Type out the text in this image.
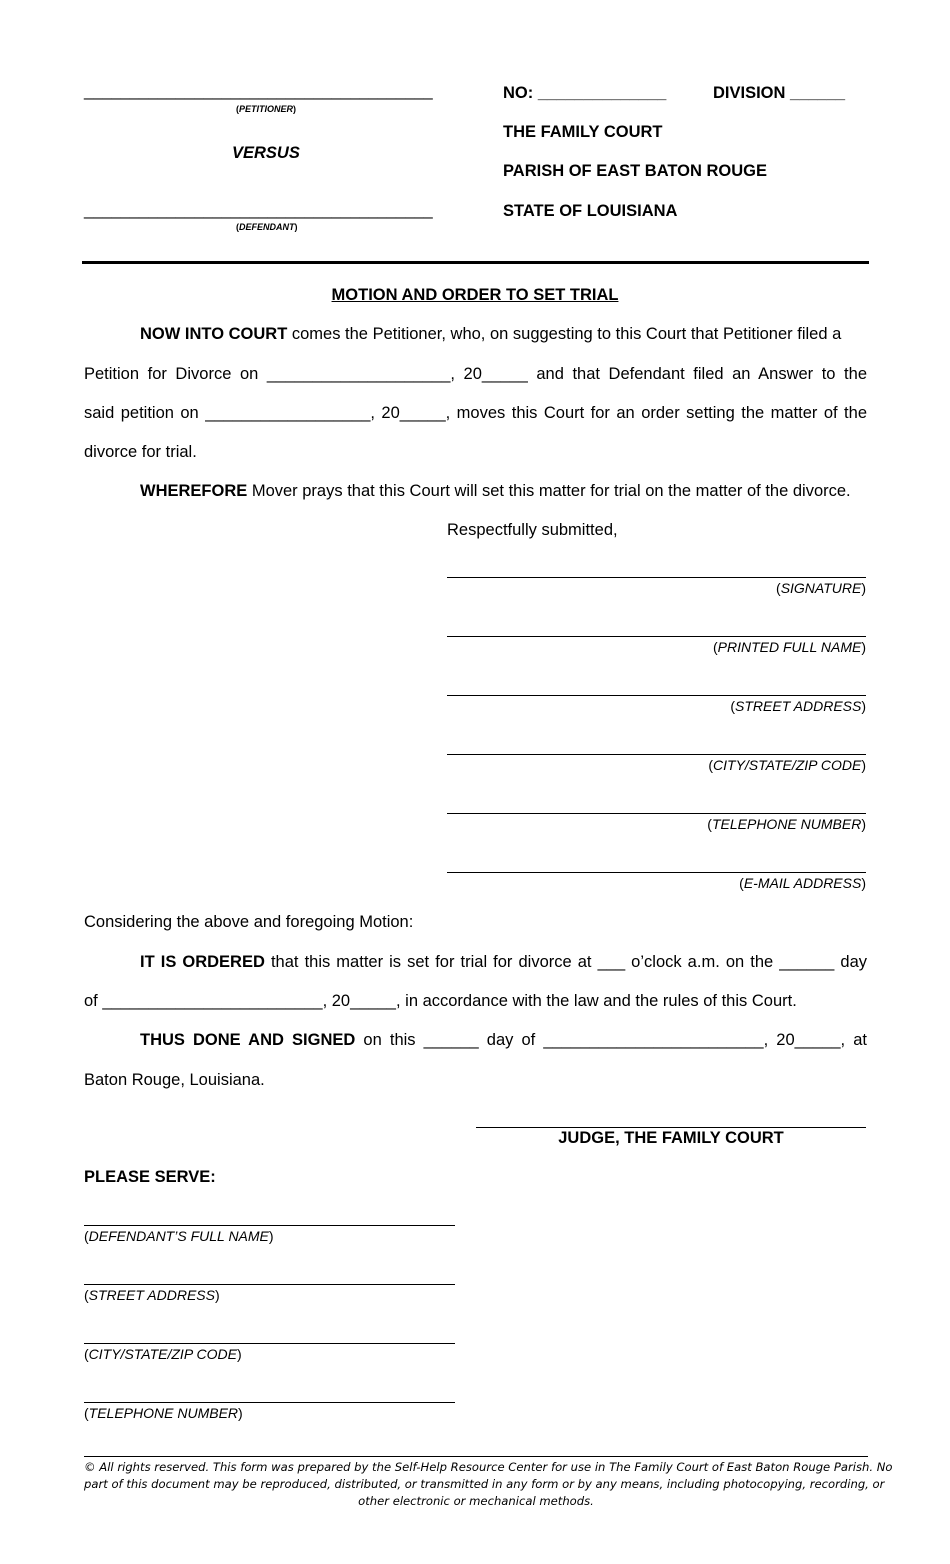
______________________________________
(PETITIONER)
VERSUS
______________________________________
(DEFENDANT)
NO: ______________	DIVISION ______
THE FAMILY COURT
PARISH OF EAST BATON ROUGE
STATE OF LOUISIANA
MOTION AND ORDER TO SET TRIAL
NOW INTO COURT comes the Petitioner, who, on suggesting to this Court that Petitioner filed a
Petition for Divorce on ____________________, 20_____ and that Defendant filed an Answer to the
said petition on __________________, 20_____, moves this Court for an order setting the matter of the
divorce for trial.
WHEREFORE Mover prays that this Court will set this matter for trial on the matter of the divorce.
Respectfully submitted,
(SIGNATURE)
(PRINTED FULL NAME)
(STREET ADDRESS)
(CITY/STATE/ZIP CODE)
(TELEPHONE NUMBER)
(E-MAIL ADDRESS)
Considering the above and foregoing Motion:
IT IS ORDERED that this matter is set for trial for divorce at ___ o’clock a.m. on the ______ day
of ________________________, 20_____, in accordance with the law and the rules of this Court.
THUS DONE AND SIGNED on this ______ day of ________________________, 20_____, at
Baton Rouge, Louisiana.
JUDGE, THE FAMILY COURT
PLEASE SERVE:
(DEFENDANT’S FULL NAME)
(STREET ADDRESS)
(CITY/STATE/ZIP CODE)
(TELEPHONE NUMBER)
© All rights reserved. This form was prepared by the Self-Help Resource Center for use in The Family Court of East Baton Rouge Parish. No
part of this document may be reproduced, distributed, or transmitted in any form or by any means, including photocopying, recording, or
other electronic or mechanical methods.
